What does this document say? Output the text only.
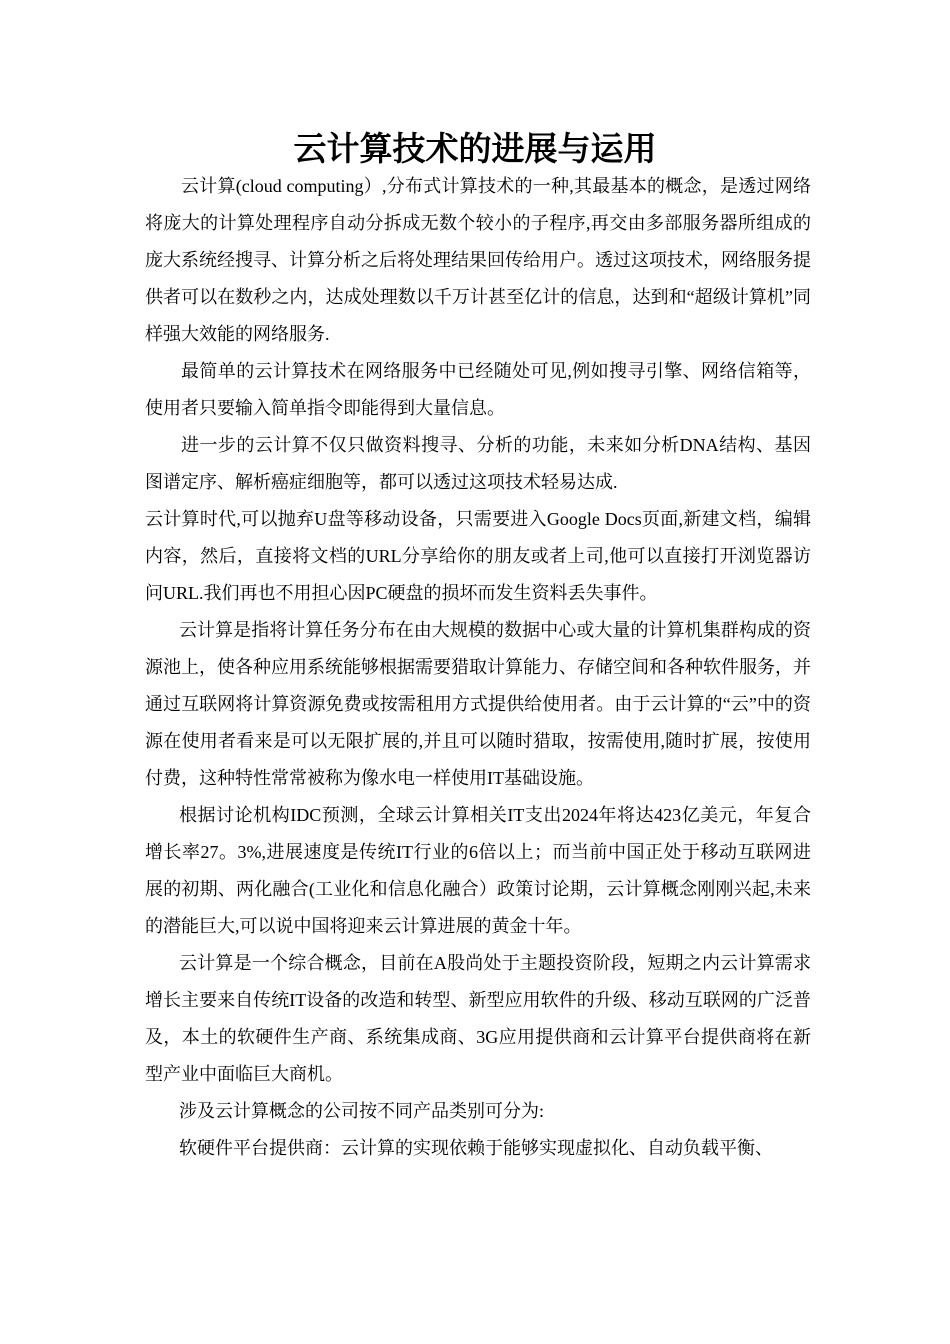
云计算技术的进展与运用

云计算(cloud computing）,分布式计算技术的一种,其最基本的概念，是透过网络将庞大的计算处理程序自动分拆成无数个较小的子程序,再交由多部服务器所组成的庞大系统经搜寻、计算分析之后将处理结果回传给用户。透过这项技术，网络服务提供者可以在数秒之内，达成处理数以千万计甚至亿计的信息，达到和“超级计算机”同样强大效能的网络服务.

最简单的云计算技术在网络服务中已经随处可见,例如搜寻引擎、网络信箱等，使用者只要输入简单指令即能得到大量信息。

进一步的云计算不仅只做资料搜寻、分析的功能，未来如分析DNA结构、基因图谱定序、解析癌症细胞等，都可以透过这项技术轻易达成.

云计算时代,可以抛弃U盘等移动设备，只需要进入Google Docs页面,新建文档，编辑内容，然后，直接将文档的URL分享给你的朋友或者上司,他可以直接打开浏览器访问URL.我们再也不用担心因PC硬盘的损坏而发生资料丢失事件。

云计算是指将计算任务分布在由大规模的数据中心或大量的计算机集群构成的资源池上，使各种应用系统能够根据需要猎取计算能力、存储空间和各种软件服务，并通过互联网将计算资源免费或按需租用方式提供给使用者。由于云计算的“云”中的资源在使用者看来是可以无限扩展的,并且可以随时猎取，按需使用,随时扩展，按使用付费，这种特性常常被称为像水电一样使用IT基础设施。

根据讨论机构IDC预测，全球云计算相关IT支出2024年将达423亿美元，年复合增长率27。3%,进展速度是传统IT行业的6倍以上；而当前中国正处于移动互联网进展的初期、两化融合(工业化和信息化融合）政策讨论期，云计算概念刚刚兴起,未来的潜能巨大,可以说中国将迎来云计算进展的黄金十年。

云计算是一个综合概念，目前在A股尚处于主题投资阶段，短期之内云计算需求增长主要来自传统IT设备的改造和转型、新型应用软件的升级、移动互联网的广泛普及，本土的软硬件生产商、系统集成商、3G应用提供商和云计算平台提供商将在新型产业中面临巨大商机。

涉及云计算概念的公司按不同产品类别可分为:

软硬件平台提供商：云计算的实现依赖于能够实现虚拟化、自动负载平衡、
